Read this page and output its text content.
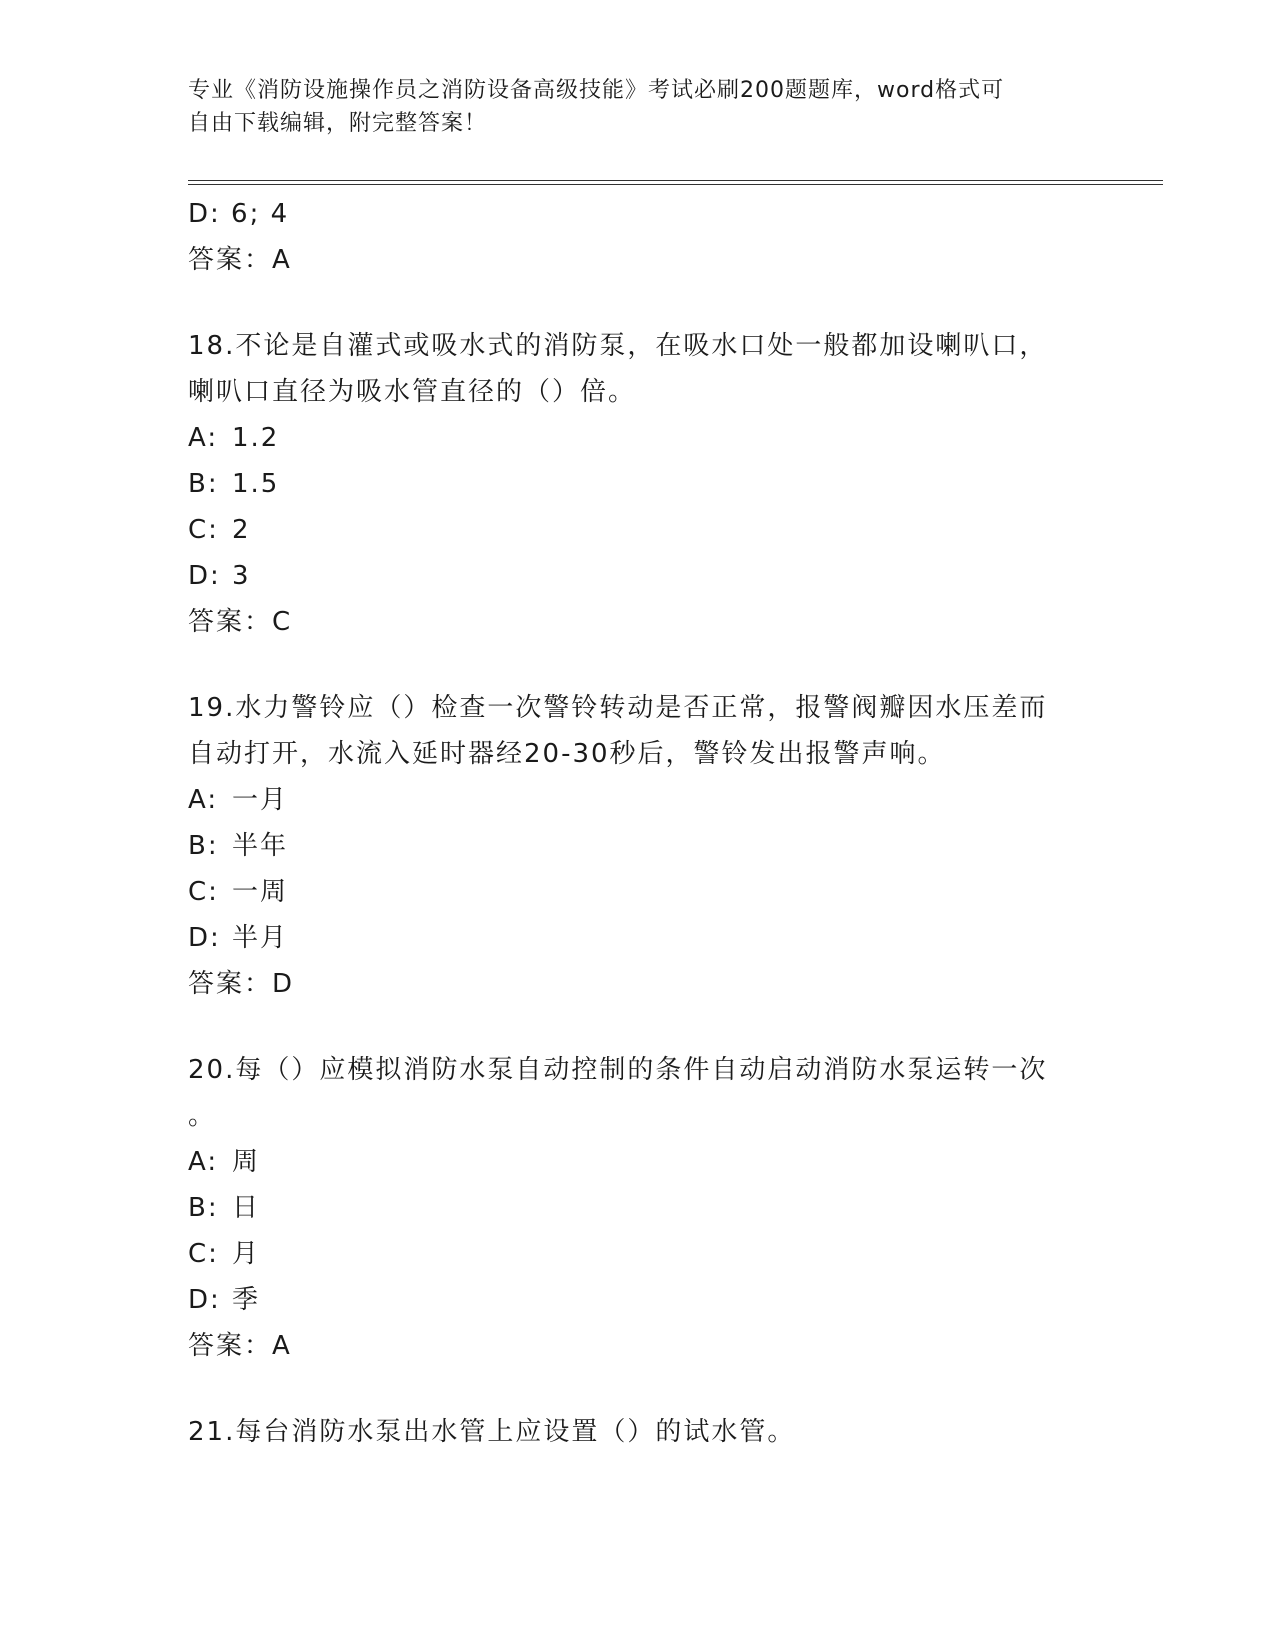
专业《消防设施操作员之消防设备高级技能》考试必刷200题题库，word格式可
自由下载编辑，附完整答案！
D: 6; 4
答案：A
18.不论是自灌式或吸水式的消防泵，在吸水口处一般都加设喇叭口，
喇叭口直径为吸水管直径的（）倍。
A: 1.2
B: 1.5
C: 2
D: 3
答案：C
19.水力警铃应（）检查一次警铃转动是否正常，报警阀瓣因水压差而
自动打开，水流入延时器经20-30秒后，警铃发出报警声响。
A: 一月
B: 半年
C: 一周
D: 半月
答案：D
20.每（）应模拟消防水泵自动控制的条件自动启动消防水泵运转一次
。
A: 周
B: 日
C: 月
D: 季
答案：A
21.每台消防水泵出水管上应设置（）的试水管。
